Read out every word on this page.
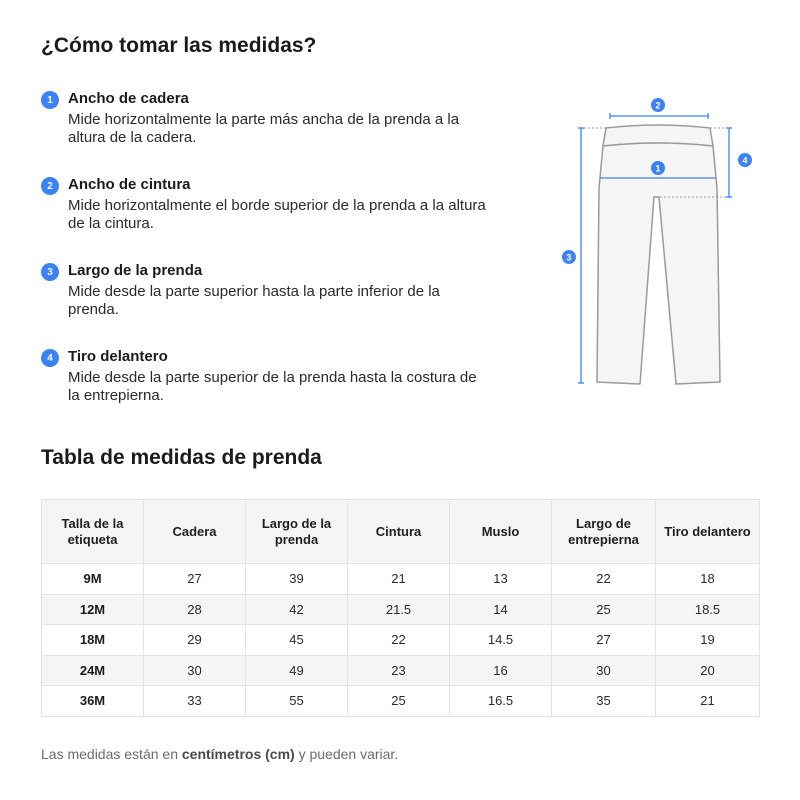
¿Cómo tomar las medidas?
1	Ancho de cadera

Mide horizontalmente la parte más ancha de la prenda a la altura de la cadera.

2	Ancho de cintura

Mide horizontalmente el borde superior de la prenda a la altura de la cintura.

3	Largo de la prenda

Mide desde la parte superior hasta la parte inferior de la prenda.

4	Tiro delantero

Mide desde la parte superior de la prenda hasta la costura de la entrepierna.

2
1
3
4
Tabla de medidas de prenda
Talla de la etiqueta	Cadera	Largo de la prenda	Cintura	Muslo	Largo de entrepierna	Tiro delantero
9M	27	39	21	13	22	18
12M	28	42	21.5	14	25	18.5
18M	29	45	22	14.5	27	19
24M	30	49	23	16	30	20
36M	33	55	25	16.5	35	21

Las medidas están en centímetros (cm) y pueden variar.
